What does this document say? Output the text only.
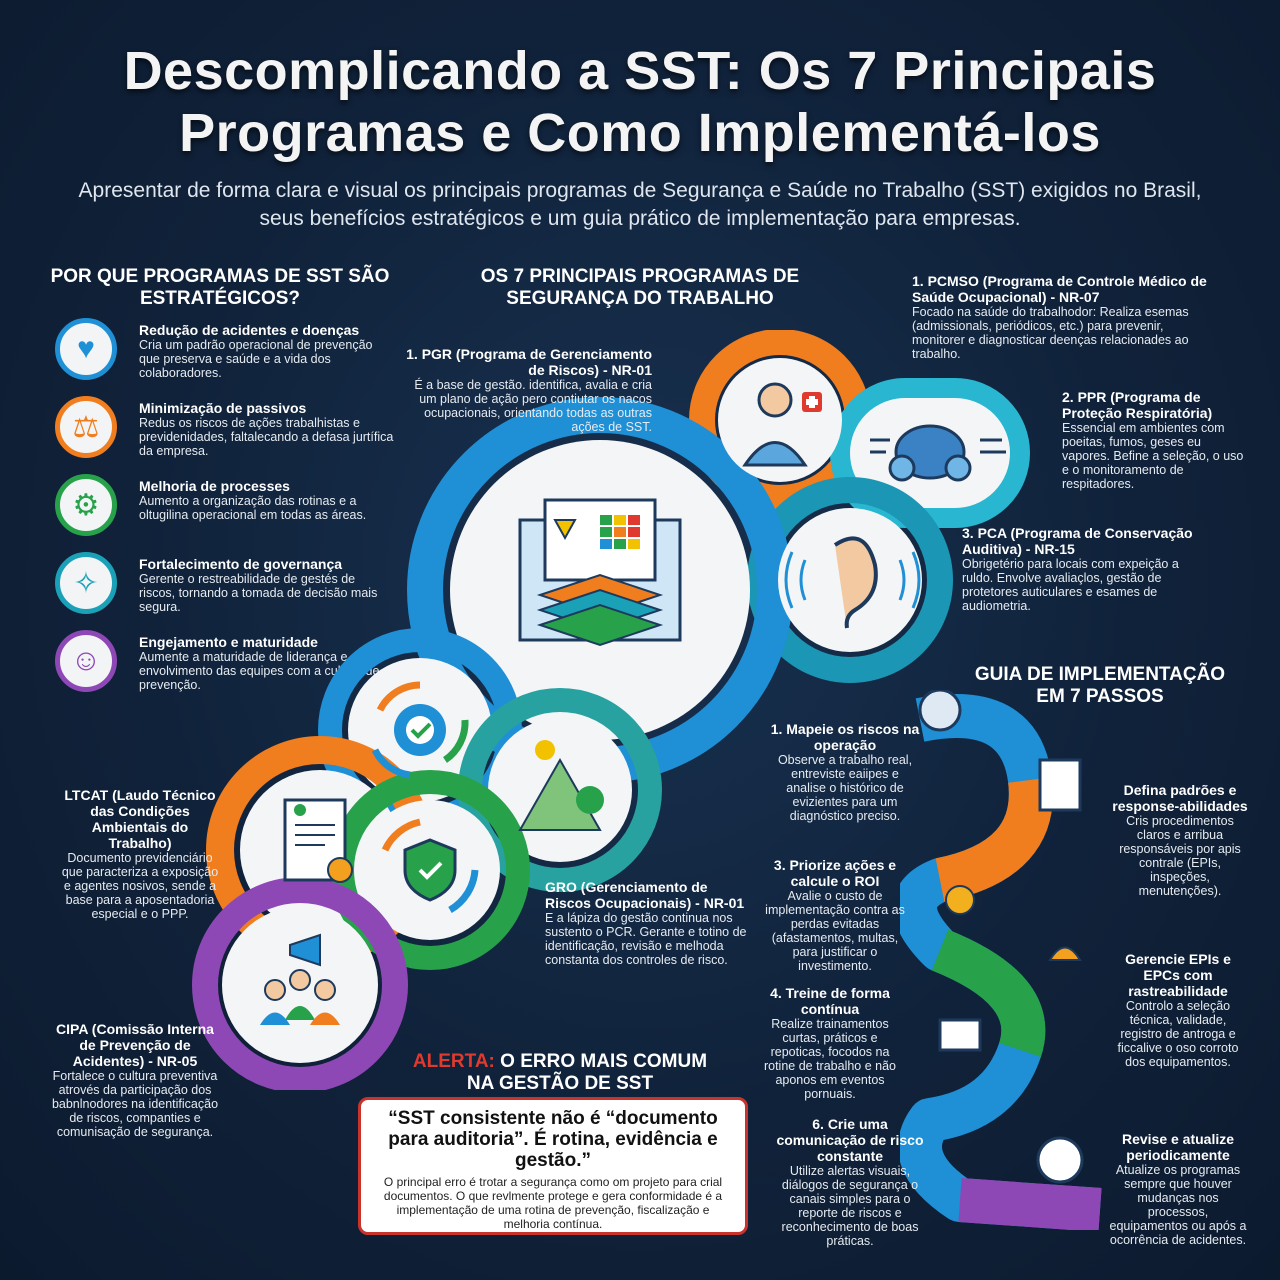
Descomplicando a SST: Os 7 Principais
Programas e Como Implementá-los
Apresentar de forma clara e visual os principais programas de Segurança e Saúde no Trabalho (SST) exigidos no Brasil, seus benefícios estratégicos e um guia prático de implementação para empresas.
POR QUE PROGRAMAS DE SST SÃO ESTRATÉGICOS?
♥
Redução de acidentes e doenças
Cria um padrão operacional de prevenção que preserva e saúde e a vida dos colaboradores.
⚖
Minimização de passivos
Redus os riscos de ações trabalhistas e previdenidades, faltalecando a defasa jurtífica da empresa.
⚙
Melhoria de processes
Aumento a organização das rotinas e a oltugilina operacional em todas as áreas.
✧
Fortalecimento de governança
Gerente o restreabilidade de gestés de riscos, tornando a tomada de decisão mais segura.
☺
Engejamento e maturidade
Aumente a maturidade de liderança e o envolvimento das equipes com a cultura de prevenção.
OS 7 PRINCIPAIS PROGRAMAS DE SEGURANÇA DO TRABALHO
1. PGR (Programa de Gerenciamento de Riscos) - NR-01
É a base de gestão. identifica, avalia e cria um plano de ação pero contiutar os nacos ocupacionais, orientando todas as outras ações de SST.
1. PCMSO (Programa de Controle Médico de Saúde Ocupacional) - NR-07
Focado na saúde do trabalhodor: Realiza esemas (admissionals, periódicos, etc.) para prevenir, monitorer e diagnosticar deenças relacionades ao trabalho.
2. PPR (Programa de Proteção Respiratória)
Essencial em ambientes com poeitas, fumos, geses eu vapores. Befine a seleção, o uso e o monitoramento de respitadores.
3. PCA (Programa de Conservação Auditiva) - NR-15
Obrigetério para locais com expeição a ruldo. Envolve avaliaçlos, gestão de protetores auticulares e esames de audiometria.
LTCAT (Laudo Técnico das Condições Ambientais do Trabalho)
Documento previdenciário que paracteriza a exposição e agentes nosivos, sende a base para a aposentadoria especial e o PPP.
GRO (Gerenciamento de Riscos Ocupacionais) - NR-01
E a lápiza do gestão continua nos sustento o PCR. Gerante e totino de identificação, revisão e melhoda constanta dos controles de risco.
CIPA (Comissão Interna de Prevenção de Acidentes) - NR-05
Fortalece o cultura preventiva atrovés da participação dos babnlnodores na identificação de riscos, companties e comunisação de segurança.
ALERTA: O ERRO MAIS COMUM
NA GESTÃO DE SST
“SST consistente não é “documento para auditoria”. É rotina, evidência e gestão.”
O principal erro é trotar a segurança como om projeto para crial documentos. O que revlmente protege e gera conformidade é a implementação de uma rotina de prevenção, fiscalização e melhoria contínua.
GUIA DE IMPLEMENTAÇÃO EM 7 PASSOS
1. Mapeie os riscos na operação
Observe a trabalho real, entreviste eaiipes e analise o histórico de evizientes para um diagnóstico preciso.
Defina padrões e response-abilidades
Cris procedimentos claros e arribua responsáveis por apis contrale (EPIs, inspeções, menutenções).
3. Priorize ações e calcule o ROI
Avalie o custo de implementação contra as perdas evitadas (afastamentos, multas, para justificar o investimento.	Gerencie EPIs e EPCs com rastreabilidade
Controlo a seleção técnica, validade, registro de antroga e ficcalive o oso corroto dos equipamentos.
4. Treine de forma contínua
Realize trainamentos curtas, práticos e repoticas, focodos na rotine de trabalho e não aponos em eventos pornuais.
6. Crie uma comunicação de risco constante
Utilize alertas visuais, diálogos de segurança o canais simples para o reporte de riscos e reconhecimento de boas práticas.
Revise e atualize periodicamente
Atualize os programas sempre que houver mudanças nos processos, equipamentos ou após a ocorrência de acidentes.
